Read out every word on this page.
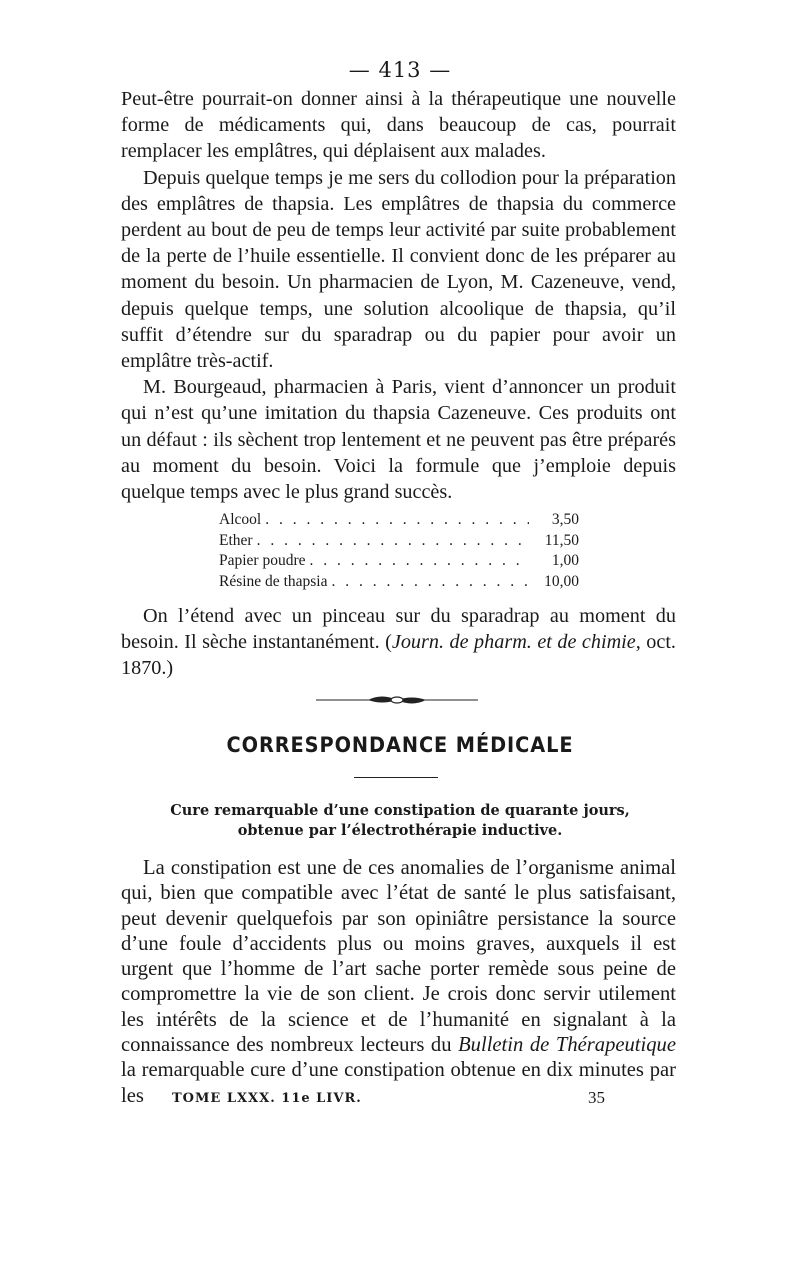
— 413 —

Peut-être pourrait-on donner ainsi à la thérapeutique une nouvelle forme de médicaments qui, dans beaucoup de cas, pourrait remplacer les emplâtres, qui déplaisent aux malades.

Depuis quelque temps je me sers du collodion pour la préparation des emplâtres de thapsia. Les emplâtres de thapsia du commerce perdent au bout de peu de temps leur activité par suite probablement de la perte de l’huile essentielle. Il convient donc de les préparer au moment du besoin. Un pharmacien de Lyon, M. Cazeneuve, vend, depuis quelque temps, une solution alcoolique de thapsia, qu’il suffit d’étendre sur du sparadrap ou du papier pour avoir un emplâtre très-actif.

M. Bourgeaud, pharmacien à Paris, vient d’annoncer un produit qui n’est qu’une imitation du thapsia Cazeneuve. Ces produits ont un défaut : ils sèchent trop lentement et ne peuvent pas être préparés au moment du besoin. Voici la formule que j’emploie depuis quelque temps avec le plus grand succès.

Alcool . . .	3,50
Ether . . .	11,50
Papier poudre . . .	1,00
Résine de thapsia . . .	10,00

On l’étend avec un pinceau sur du sparadrap au moment du besoin. Il sèche instantanément. (Journ. de pharm. et de chimie, oct. 1870.)

CORRESPONDANCE MÉDICALE
Cure remarquable d’une constipation de quarante jours,
obtenue par l’électrothérapie inductive.

La constipation est une de ces anomalies de l’organisme animal qui, bien que compatible avec l’état de santé le plus satisfaisant, peut devenir quelquefois par son opiniâtre persistance la source d’une foule d’accidents plus ou moins graves, auxquels il est urgent que l’homme de l’art sache porter remède sous peine de compromettre la vie de son client. Je crois donc servir utilement les intérêts de la science et de l’humanité en signalant à la connaissance des nombreux lecteurs du Bulletin de Thérapeutique la remarquable cure d’une constipation obtenue en dix minutes par les	TOME LXXX. 11e LIVR.	35
